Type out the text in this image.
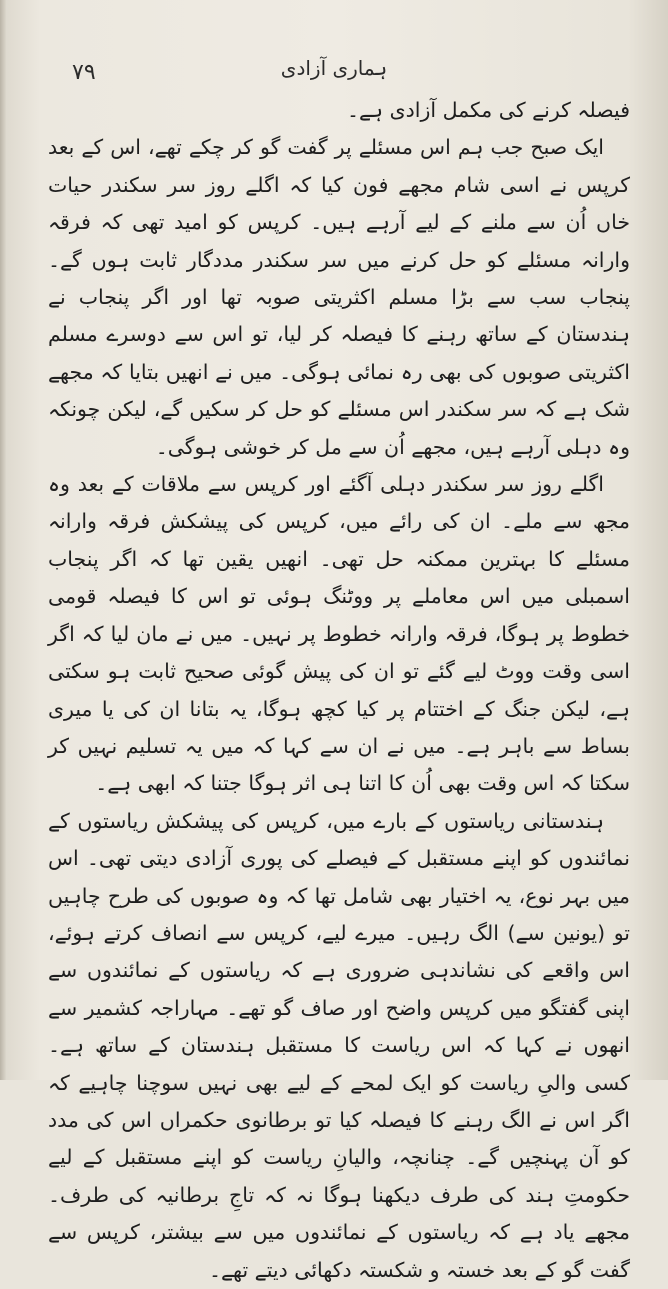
۷۹	ہماری آزادی

فیصلہ کرنے کی مکمل آزادی ہے۔

ایک صبح جب ہم اس مسئلے پر گفت گو کر چکے تھے، اس کے بعد کرپس نے اسی شام مجھے فون کیا کہ اگلے روز سر سکندر حیات خاں اُن سے ملنے کے لیے آرہے ہیں۔ کرپس کو امید تھی کہ فرقہ وارانہ مسئلے کو حل کرنے میں سر سکندر مددگار ثابت ہوں گے۔ پنجاب سب سے بڑا مسلم اکثریتی صوبہ تھا اور اگر پنجاب نے ہندستان کے ساتھ رہنے کا فیصلہ کر لیا، تو اس سے دوسرے مسلم اکثریتی صوبوں کی بھی رہ نمائی ہوگی۔ میں نے انھیں بتایا کہ مجھے شک ہے کہ سر سکندر اس مسئلے کو حل کر سکیں گے، لیکن چونکہ وہ دہلی آرہے ہیں، مجھے اُن سے مل کر خوشی ہوگی۔

اگلے روز سر سکندر دہلی آگئے اور کرپس سے ملاقات کے بعد وہ مجھ سے ملے۔ ان کی رائے میں، کرپس کی پیشکش فرقہ وارانہ مسئلے کا بہترین ممکنہ حل تھی۔ انھیں یقین تھا کہ اگر پنجاب اسمبلی میں اس معاملے پر ووٹنگ ہوئی تو اس کا فیصلہ قومی خطوط پر ہوگا، فرقہ وارانہ خطوط پر نہیں۔ میں نے مان لیا کہ اگر اسی وقت ووٹ لیے گئے تو ان کی پیش گوئی صحیح ثابت ہو سکتی ہے، لیکن جنگ کے اختتام پر کیا کچھ ہوگا، یہ بتانا ان کی یا میری بساط سے باہر ہے۔ میں نے ان سے کہا کہ میں یہ تسلیم نہیں کر سکتا کہ اس وقت بھی اُن کا اتنا ہی اثر ہوگا جتنا کہ ابھی ہے۔

ہندستانی ریاستوں کے بارے میں، کرپس کی پیشکش ریاستوں کے نمائندوں کو اپنے مستقبل کے فیصلے کی پوری آزادی دیتی تھی۔ اس میں بہر نوع، یہ اختیار بھی شامل تھا کہ وہ صوبوں کی طرح چاہیں تو (یونین سے) الگ رہیں۔ میرے لیے، کرپس سے انصاف کرتے ہوئے، اس واقعے کی نشاندہی ضروری ہے کہ ریاستوں کے نمائندوں سے اپنی گفتگو میں کرپس واضح اور صاف گو تھے۔ مہاراجہ کشمیر سے انھوں نے کہا کہ اس ریاست کا مستقبل ہندستان کے ساتھ ہے۔ کسی والیِ ریاست کو ایک لمحے کے لیے بھی نہیں سوچنا چاہیے کہ اگر اس نے الگ رہنے کا فیصلہ کیا تو برطانوی حکمراں اس کی مدد کو آن پہنچیں گے۔ چنانچہ، والیانِ ریاست کو اپنے مستقبل کے لیے حکومتِ ہند کی طرف دیکھنا ہوگا نہ کہ تاجِ برطانیہ کی طرف۔ مجھے یاد ہے کہ ریاستوں کے نمائندوں میں سے بیشتر، کرپس سے گفت گو کے بعد خستہ و شکستہ دکھائی دیتے تھے۔
